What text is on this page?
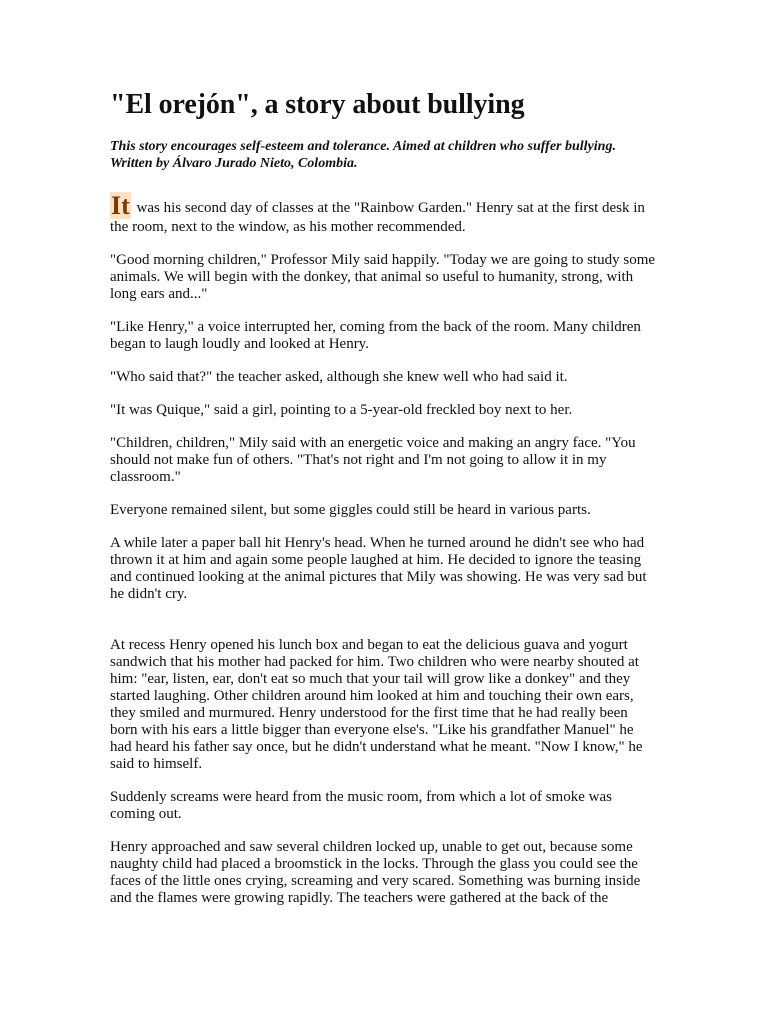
"El orejón", a story about bullying
This story encourages self-esteem and tolerance. Aimed at children who suffer bullying.
Written by Álvaro Jurado Nieto, Colombia.

It was his second day of classes at the "Rainbow Garden." Henry sat at the first desk in the room, next to the window, as his mother recommended.

"Good morning children," Professor Mily said happily. "Today we are going to study some animals. We will begin with the donkey, that animal so useful to humanity, strong, with long ears and..."

"Like Henry," a voice interrupted her, coming from the back of the room. Many children began to laugh loudly and looked at Henry.

"Who said that?" the teacher asked, although she knew well who had said it.

"It was Quique," said a girl, pointing to a 5-year-old freckled boy next to her.

"Children, children," Mily said with an energetic voice and making an angry face. "You should not make fun of others. "That's not right and I'm not going to allow it in my classroom."

Everyone remained silent, but some giggles could still be heard in various parts.

A while later a paper ball hit Henry's head. When he turned around he didn't see who had thrown it at him and again some people laughed at him. He decided to ignore the teasing and continued looking at the animal pictures that Mily was showing. He was very sad but he didn't cry.

At recess Henry opened his lunch box and began to eat the delicious guava and yogurt sandwich that his mother had packed for him. Two children who were nearby shouted at him: "ear, listen, ear, don't eat so much that your tail will grow like a donkey" and they started laughing. Other children around him looked at him and touching their own ears, they smiled and murmured. Henry understood for the first time that he had really been born with his ears a little bigger than everyone else's. "Like his grandfather Manuel" he had heard his father say once, but he didn't understand what he meant. "Now I know," he said to himself.

Suddenly screams were heard from the music room, from which a lot of smoke was coming out.

Henry approached and saw several children locked up, unable to get out, because some naughty child had placed a broomstick in the locks. Through the glass you could see the faces of the little ones crying, screaming and very scared. Something was burning inside and the flames were growing rapidly. The teachers were gathered at the back of the
